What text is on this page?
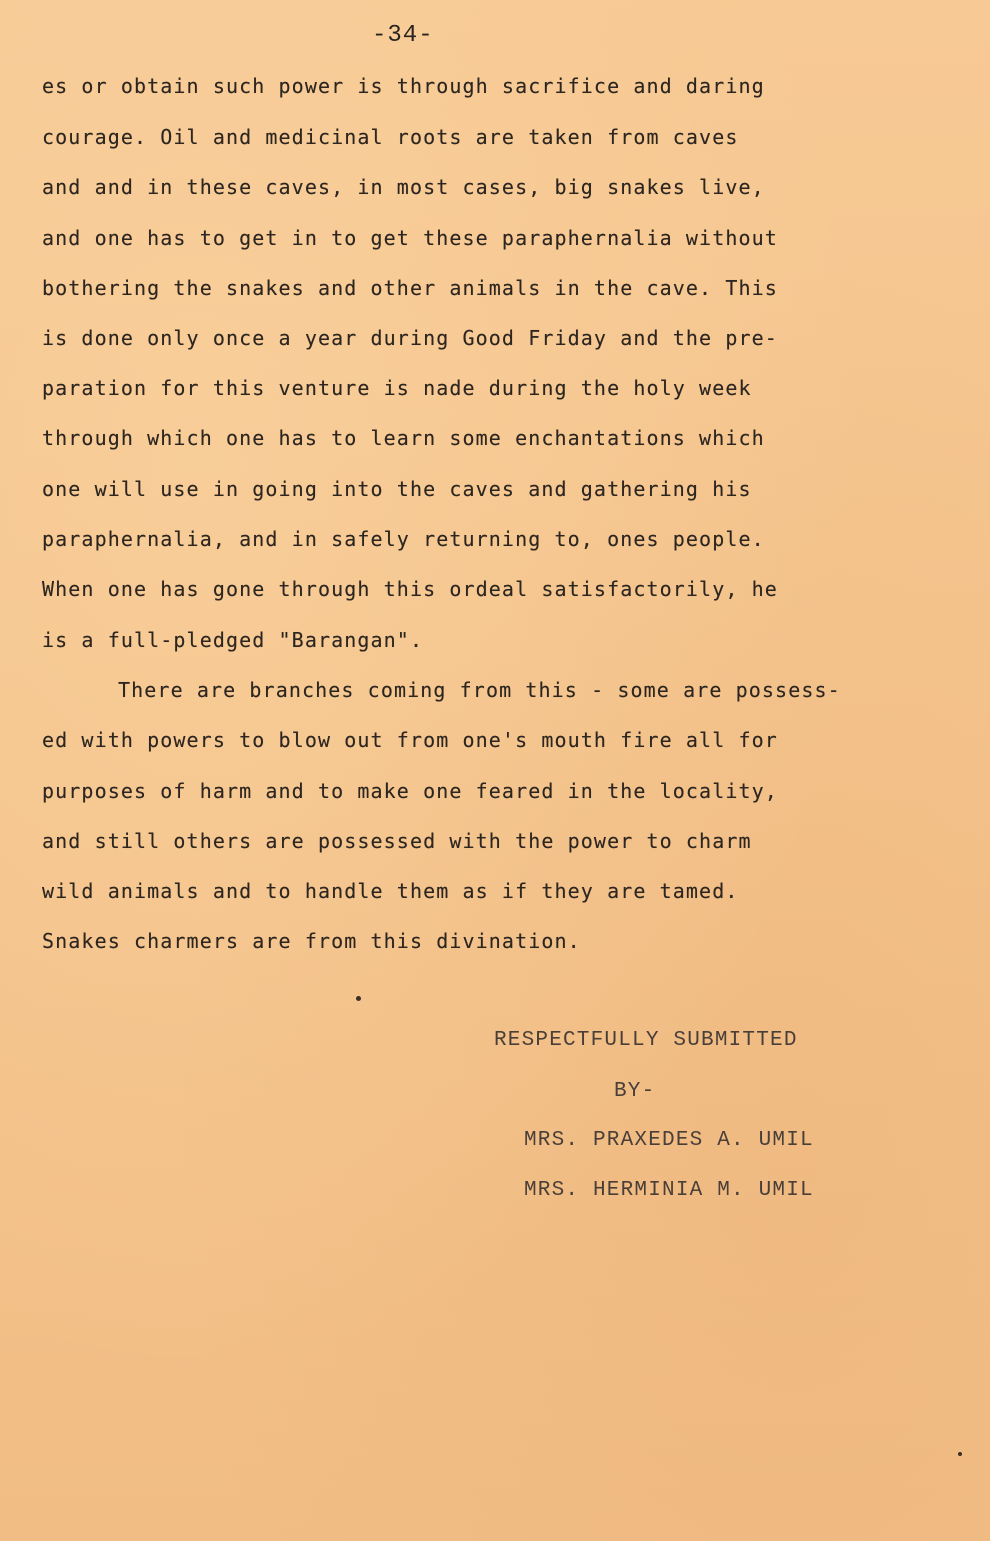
-34-
es or obtain such power is through sacrifice and daring
courage. Oil and medicinal roots are taken from caves
and and in these caves, in most cases, big snakes live,
and one has to get in to get these paraphernalia without
bothering the snakes and other animals in the cave. This
is done only once a year during Good Friday and the pre-
paration for this venture is nade during the holy week
through which one has to learn some enchantations which
one will use in going into the caves and gathering his
paraphernalia, and in safely returning to, ones people.
When one has gone through this ordeal satisfactorily, he
is a full-pledged "Barangan".
There are branches coming from this - some are possess-
ed with powers to blow out from one's mouth fire all for
purposes of harm and to make one feared in the locality,
and still others are possessed with the power to charm
wild animals and to handle them as if they are tamed.
Snakes charmers are from this divination.
RESPECTFULLY SUBMITTED
BY-
MRS. PRAXEDES A. UMIL
MRS. HERMINIA M. UMIL
